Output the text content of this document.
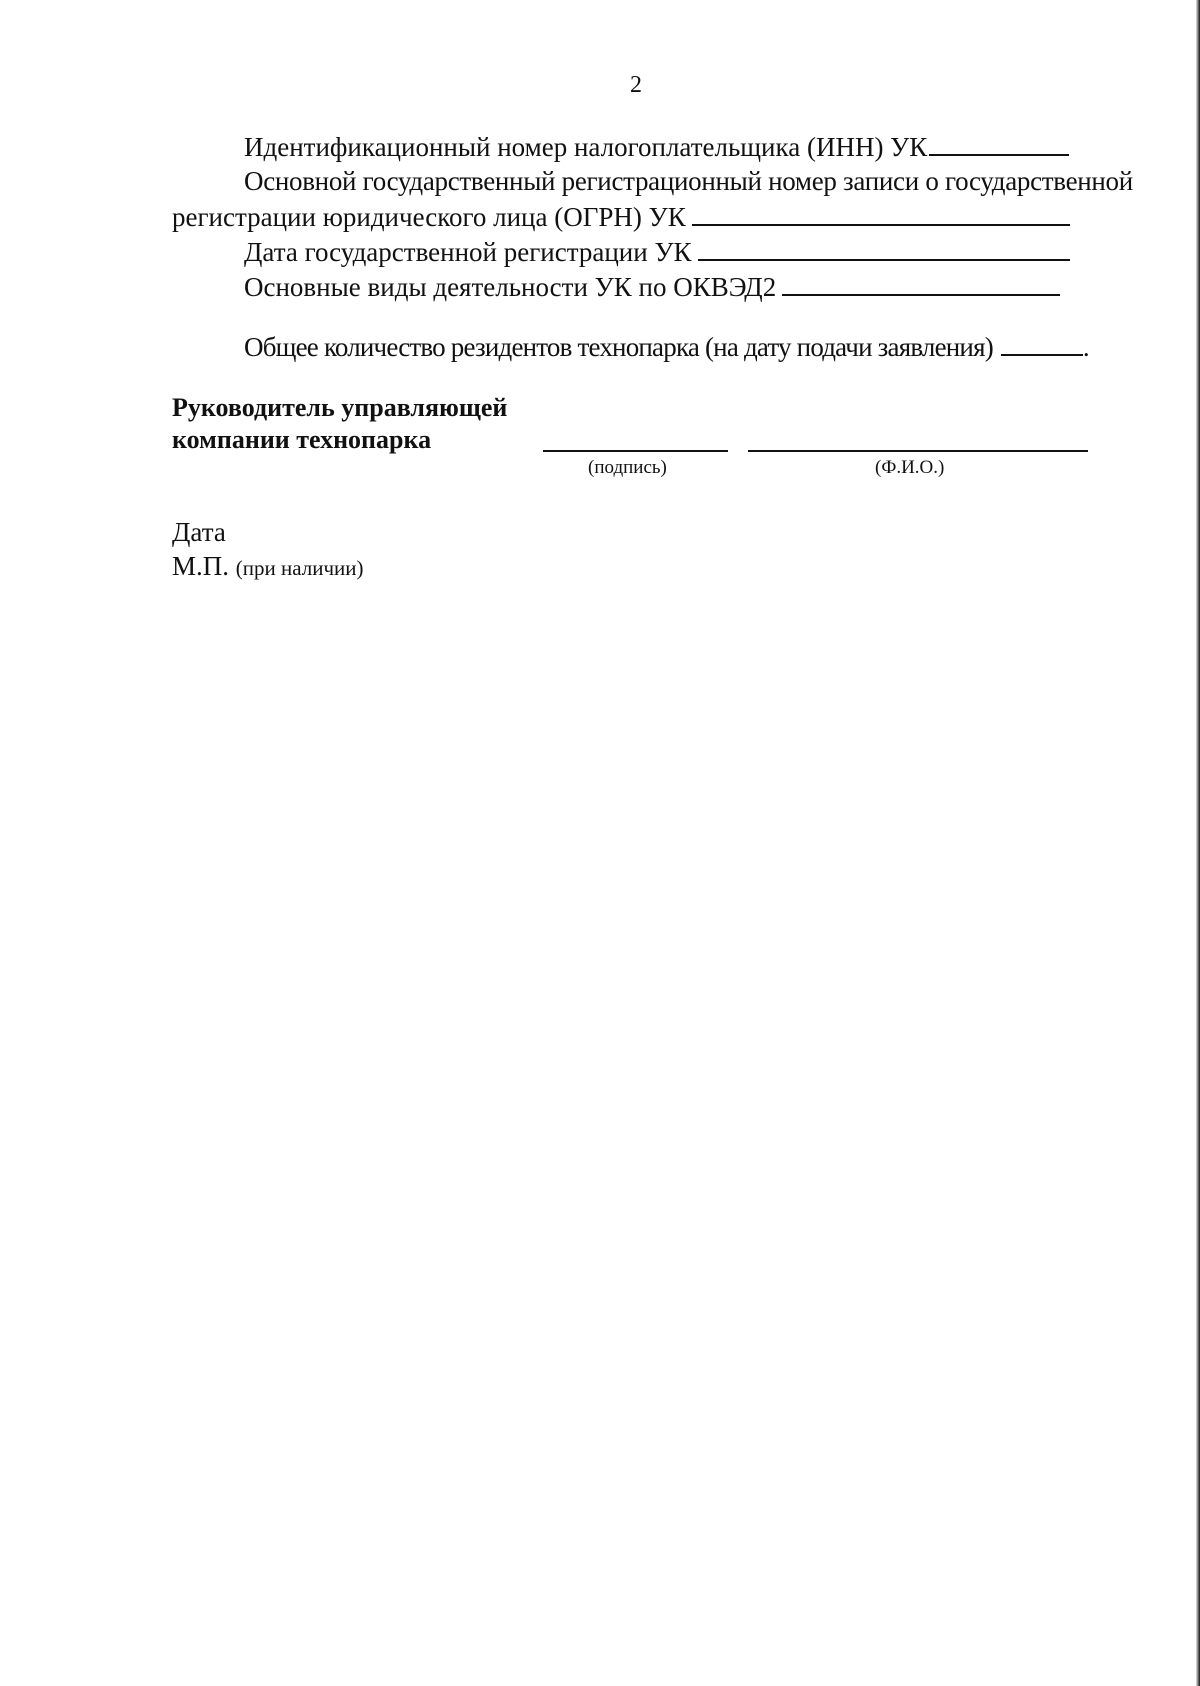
2
Идентификационный номер налогоплательщика (ИНН) УК
Основной государственный регистрационный номер записи о государственной
регистрации юридического лица (ОГРН) УК
Дата государственной регистрации УК
Основные виды деятельности УК по ОКВЭД2
Общее количество резидентов технопарка (на дату подачи заявления)	.
Руководитель управляющей
компании технопарка
(подпись)	(Ф.И.О.)
Дата
М.П. (при наличии)
